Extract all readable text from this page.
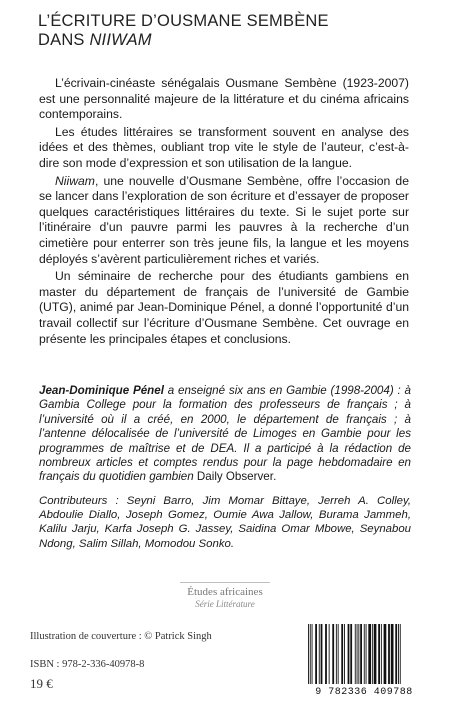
L’ÉCRITURE D’OUSMANE SEMBÈNE
DANS NIIWAM

L’écrivain-cinéaste sénégalais Ousmane Sembène (1923-2007) est une personnalité majeure de la littérature et du cinéma africains contemporains.

Les études littéraires se transforment souvent en analyse des idées et des thèmes, oubliant trop vite le style de l’auteur, c’est-à-dire son mode d’expression et son utilisation de la langue.

Niiwam, une nouvelle d’Ousmane Sembène, offre l’occasion de se lancer dans l’exploration de son écriture et d’essayer de proposer quelques caractéristiques littéraires du texte. Si le sujet porte sur l’itinéraire d’un pauvre parmi les pauvres à la recherche d’un cimetière pour enterrer son très jeune fils, la langue et les moyens déployés s’avèrent particulièrement riches et variés.

Un séminaire de recherche pour des étudiants gambiens en master du département de français de l’université de Gambie (UTG), animé par Jean-Dominique Pénel, a donné l’opportunité d’un travail collectif sur l’écriture d’Ousmane Sembène. Cet ouvrage en présente les principales étapes et conclusions.

Jean-Dominique Pénel a enseigné six ans en Gambie (1998-2004) : à Gambia College pour la formation des professeurs de français ; à l’université où il a créé, en 2000, le département de français ; à l’antenne délocalisée de l’université de Limoges en Gambie pour les programmes de maîtrise et de DEA. Il a participé à la rédaction de nombreux articles et comptes rendus pour la page hebdomadaire en français du quotidien gambien Daily Observer.

Contributeurs : Seyni Barro, Jim Momar Bittaye, Jerreh A. Colley, Abdoulie Diallo, Joseph Gomez, Oumie Awa Jallow, Burama Jammeh, Kalilu Jarju, Karfa Joseph G. Jassey, Saidina Omar Mbowe, Seynabou Ndong, Salim Sillah, Momodou Sonko.

Études africaines
Série Littérature
Illustration de couverture : © Patrick Singh
ISBN : 978-2-336-40978-8
19 €
9 782336 409788
